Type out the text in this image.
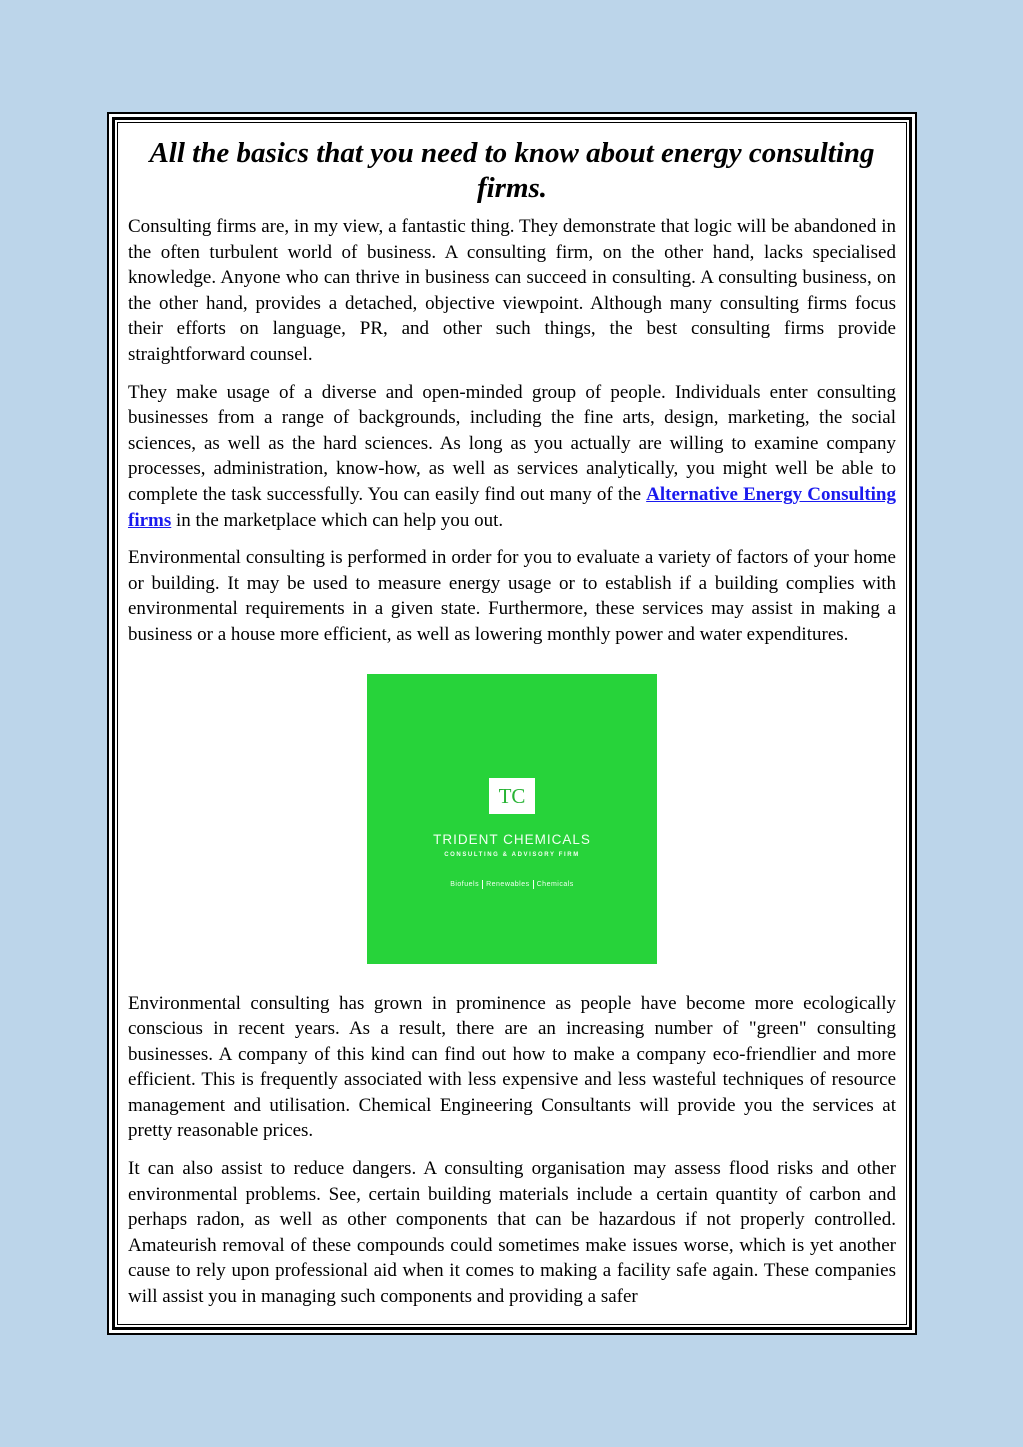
All the basics that you need to know about energy consulting firms.

Consulting firms are, in my view, a fantastic thing. They demonstrate that logic will be abandoned in the often turbulent world of business. A consulting firm, on the other hand, lacks specialised knowledge. Anyone who can thrive in business can succeed in consulting. A consulting business, on the other hand, provides a detached, objective viewpoint. Although many consulting firms focus their efforts on language, PR, and other such things, the best consulting firms provide straightforward counsel.

They make usage of a diverse and open-minded group of people. Individuals enter consulting businesses from a range of backgrounds, including the fine arts, design, marketing, the social sciences, as well as the hard sciences. As long as you actually are willing to examine company processes, administration, know-how, as well as services analytically, you might well be able to complete the task successfully. You can easily find out many of the Alternative Energy Consulting firms in the marketplace which can help you out.

Environmental consulting is performed in order for you to evaluate a variety of factors of your home or building. It may be used to measure energy usage or to establish if a building complies with environmental requirements in a given state. Furthermore, these services may assist in making a business or a house more efficient, as well as lowering monthly power and water expenditures.

TC
TRIDENT CHEMICALS
CONSULTING & ADVISORY FIRM
Biofuels Renewables Chemicals

Environmental consulting has grown in prominence as people have become more ecologically conscious in recent years. As a result, there are an increasing number of "green" consulting businesses. A company of this kind can find out how to make a company eco-friendlier and more efficient. This is frequently associated with less expensive and less wasteful techniques of resource management and utilisation. Chemical Engineering Consultants will provide you the services at pretty reasonable prices.

It can also assist to reduce dangers. A consulting organisation may assess flood risks and other environmental problems. See, certain building materials include a certain quantity of carbon and perhaps radon, as well as other components that can be hazardous if not properly controlled. Amateurish removal of these compounds could sometimes make issues worse, which is yet another cause to rely upon professional aid when it comes to making a facility safe again. These companies will assist you in managing such components and providing a safer
